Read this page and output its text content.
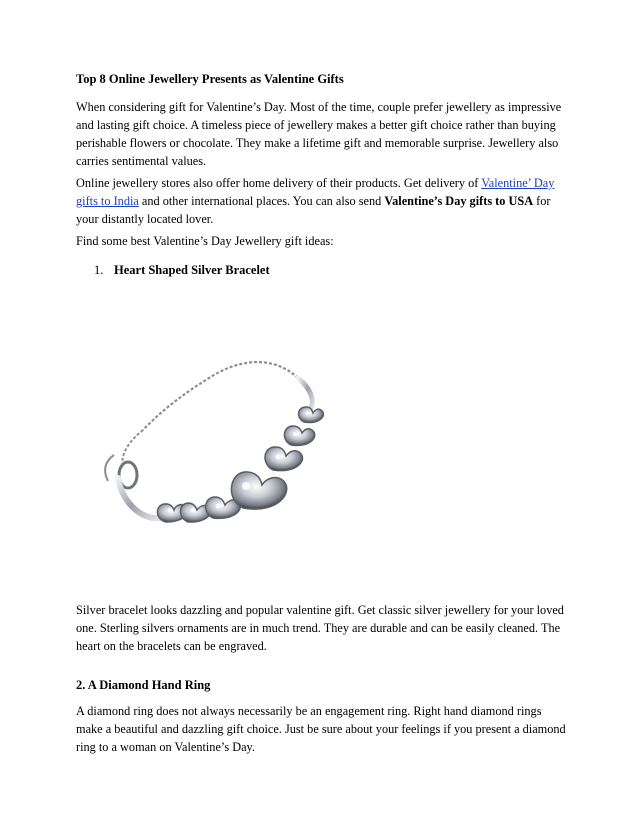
Top 8 Online Jewellery Presents as Valentine Gifts

When considering gift for Valentine’s Day. Most of the time, couple prefer jewellery as impressive and lasting gift choice. A timeless piece of jewellery makes a better gift choice rather than buying perishable flowers or chocolate. They make a lifetime gift and memorable surprise. Jewellery also carries sentimental values.

Online jewellery stores also offer home delivery of their products. Get delivery of Valentine’ Day gifts to India and other international places. You can also send Valentine’s Day gifts to USA for your distantly located lover.

Find some best Valentine’s Day Jewellery gift ideas:

1. Heart Shaped Silver Bracelet

Silver bracelet looks dazzling and popular valentine gift. Get classic silver jewellery for your loved one. Sterling silvers ornaments are in much trend. They are durable and can be easily cleaned. The heart on the bracelets can be engraved.

2. A Diamond Hand Ring

A diamond ring does not always necessarily be an engagement ring. Right hand diamond rings make a beautiful and dazzling gift choice. Just be sure about your feelings if you present a diamond ring to a woman on Valentine’s Day.
